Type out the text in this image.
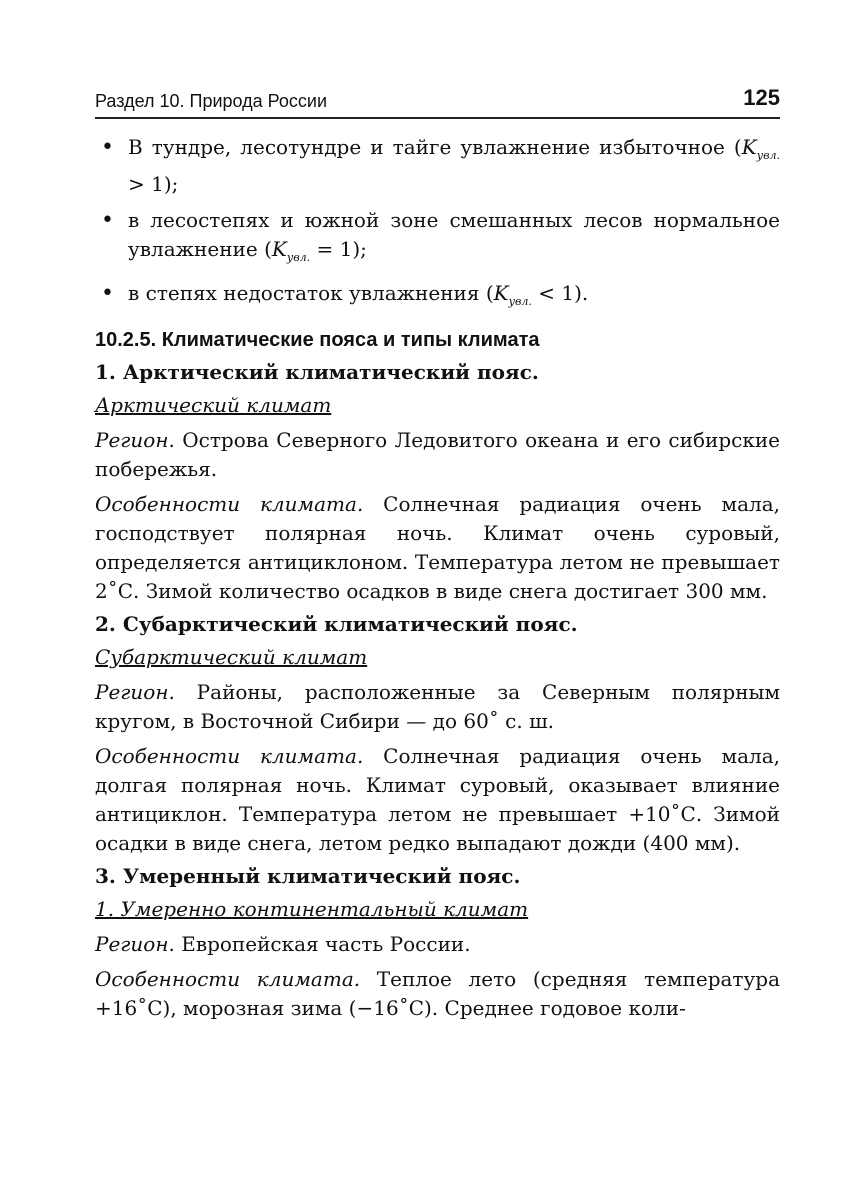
Раздел 10. Природа России	125
• В тундре, лесотундре и тайге увлажнение избыточное $(K_{увл.} > 1)$;
• в лесостепях и южной зоне смешанных лесов нормальное увлажнение $(K_{увл.} = 1)$;
• в степях недостаток увлажнения $(K_{увл.} < 1)$.
10.2.5. Климатические пояса и типы климата
1. Арктический климатический пояс.
Арктический климат

Регион. Острова Северного Ледовитого океана и его сибирские побережья.

Особенности климата. Солнечная радиация очень мала, господствует полярная ночь. Климат очень суровый, определяется антициклоном. Температура летом не превышает 2˚С. Зимой количество осадков в виде снега достигает 300 мм.

2. Субарктический климатический пояс.
Субарктический климат

Регион. Районы, расположенные за Северным полярным кругом, в Восточной Сибири — до 60˚ с. ш.

Особенности климата. Солнечная радиация очень мала, долгая полярная ночь. Климат суровый, оказывает влияние антициклон. Температура летом не превышает +10˚С. Зимой осадки в виде снега, летом редко выпадают дожди (400 мм).

3. Умеренный климатический пояс.
1. Умеренно континентальный климат

Регион. Европейская часть России.

Особенности климата. Теплое лето (средняя температура +16˚С), морозная зима (−16˚С). Среднее годовое коли-
